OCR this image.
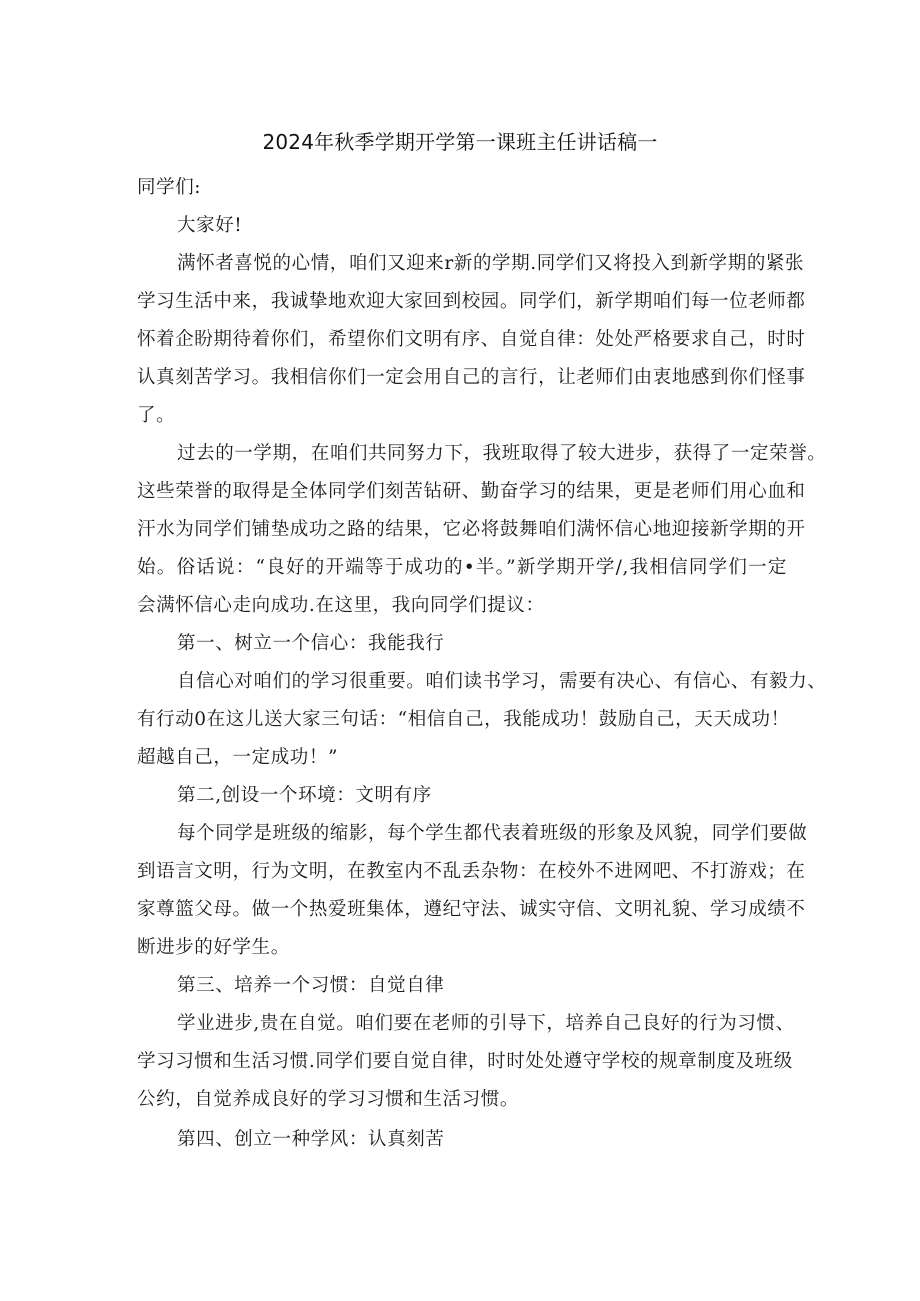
2024年秋季学期开学第一课班主任讲话稿一
同学们:
大家好!
满怀者喜悦的心情，咱们又迎来r新的学期.同学们又将投入到新学期的紧张
学习生活中来，我诚挚地欢迎大家回到校园。同学们，新学期咱们每一位老师都
怀着企盼期待着你们，希望你们文明有序、自觉自律：处处严格要求自己，时时
认真刻苦学习。我相信你们一定会用自己的言行，让老师们由衷地感到你们怪事
了。
过去的一学期，在咱们共同努力下，我班取得了较大进步，获得了一定荣誉。
这些荣誉的取得是全体同学们刻苦钻研、勤奋学习的结果，更是老师们用心血和
汗水为同学们铺垫成功之路的结果，它必将鼓舞咱们满怀信心地迎接新学期的开
始。俗话说：“良好的开端等于成功的•半。”新学期开学/,我相信同学们一定
会满怀信心走向成功.在这里，我向同学们提议：
第一、树立一个信心：我能我行
自信心对咱们的学习很重要。咱们读书学习，需要有决心、有信心、有毅力、
有行动0在这儿送大家三句话：“相信自己，我能成功！鼓励自己，天天成功！
超越自己，一定成功！”
第二,创设一个环境：文明有序
每个同学是班级的缩影，每个学生都代表着班级的形象及风貌，同学们要做
到语言文明，行为文明，在教室内不乱丢杂物：在校外不进网吧、不打游戏；在
家尊篮父母。做一个热爱班集体，遵纪守法、诚实守信、文明礼貌、学习成绩不
断进步的好学生。
第三、培养一个习惯：自觉自律
学业进步,贵在自觉。咱们要在老师的引导下，培养自己良好的行为习惯、
学习习惯和生活习惯.同学们要自觉自律，时时处处遵守学校的规章制度及班级
公约，自觉养成良好的学习习惯和生活习惯。
第四、创立一种学风：认真刻苦
